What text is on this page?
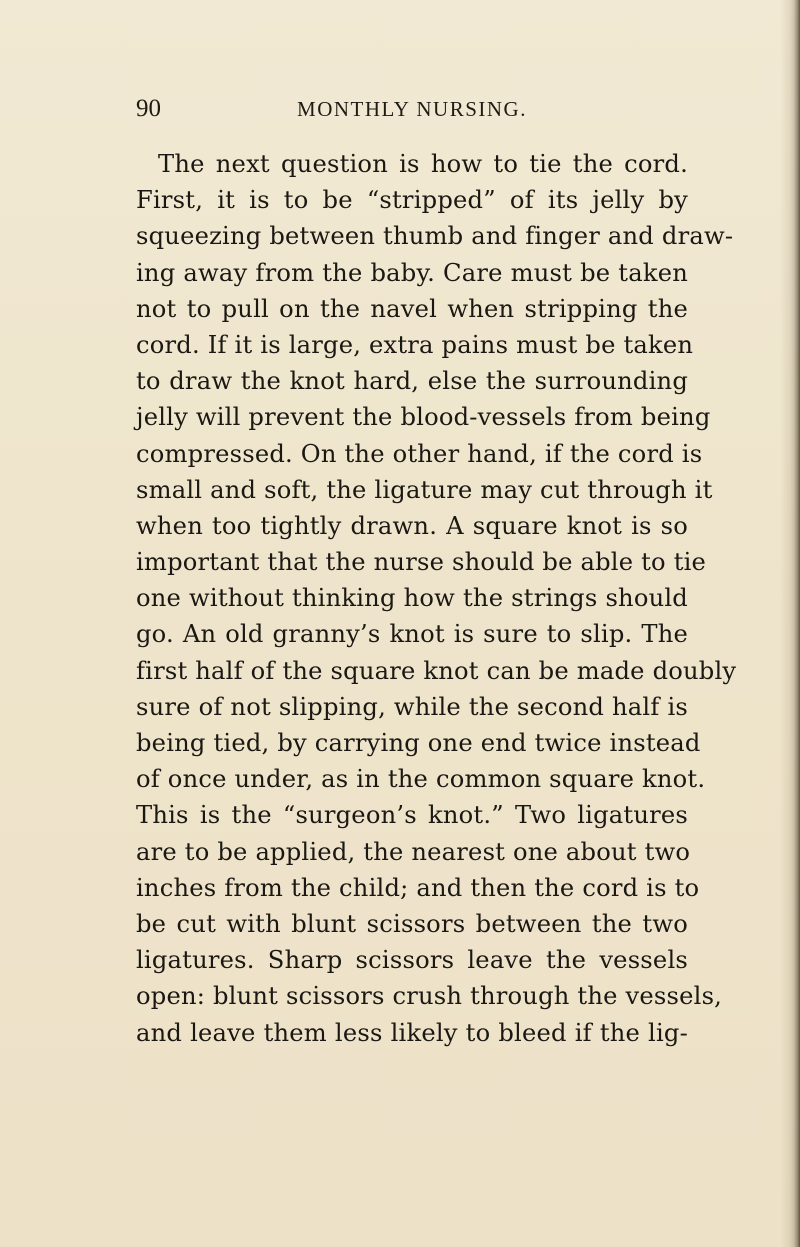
90	MONTHLY NURSING.
The next question is how to tie the cord.
First, it is to be “stripped” of its jelly by
squeezing between thumb and finger and draw-
ing away from the baby. Care must be taken
not to pull on the navel when stripping the
cord. If it is large, extra pains must be taken
to draw the knot hard, else the surrounding
jelly will prevent the blood-vessels from being
compressed. On the other hand, if the cord is
small and soft, the ligature may cut through it
when too tightly drawn. A square knot is so
important that the nurse should be able to tie
one without thinking how the strings should
go. An old granny’s knot is sure to slip. The
first half of the square knot can be made doubly
sure of not slipping, while the second half is
being tied, by carrying one end twice instead
of once under, as in the common square knot.
This is the “surgeon’s knot.” Two ligatures
are to be applied, the nearest one about two
inches from the child; and then the cord is to
be cut with blunt scissors between the two
ligatures. Sharp scissors leave the vessels
open: blunt scissors crush through the vessels,
and leave them less likely to bleed if the lig-
